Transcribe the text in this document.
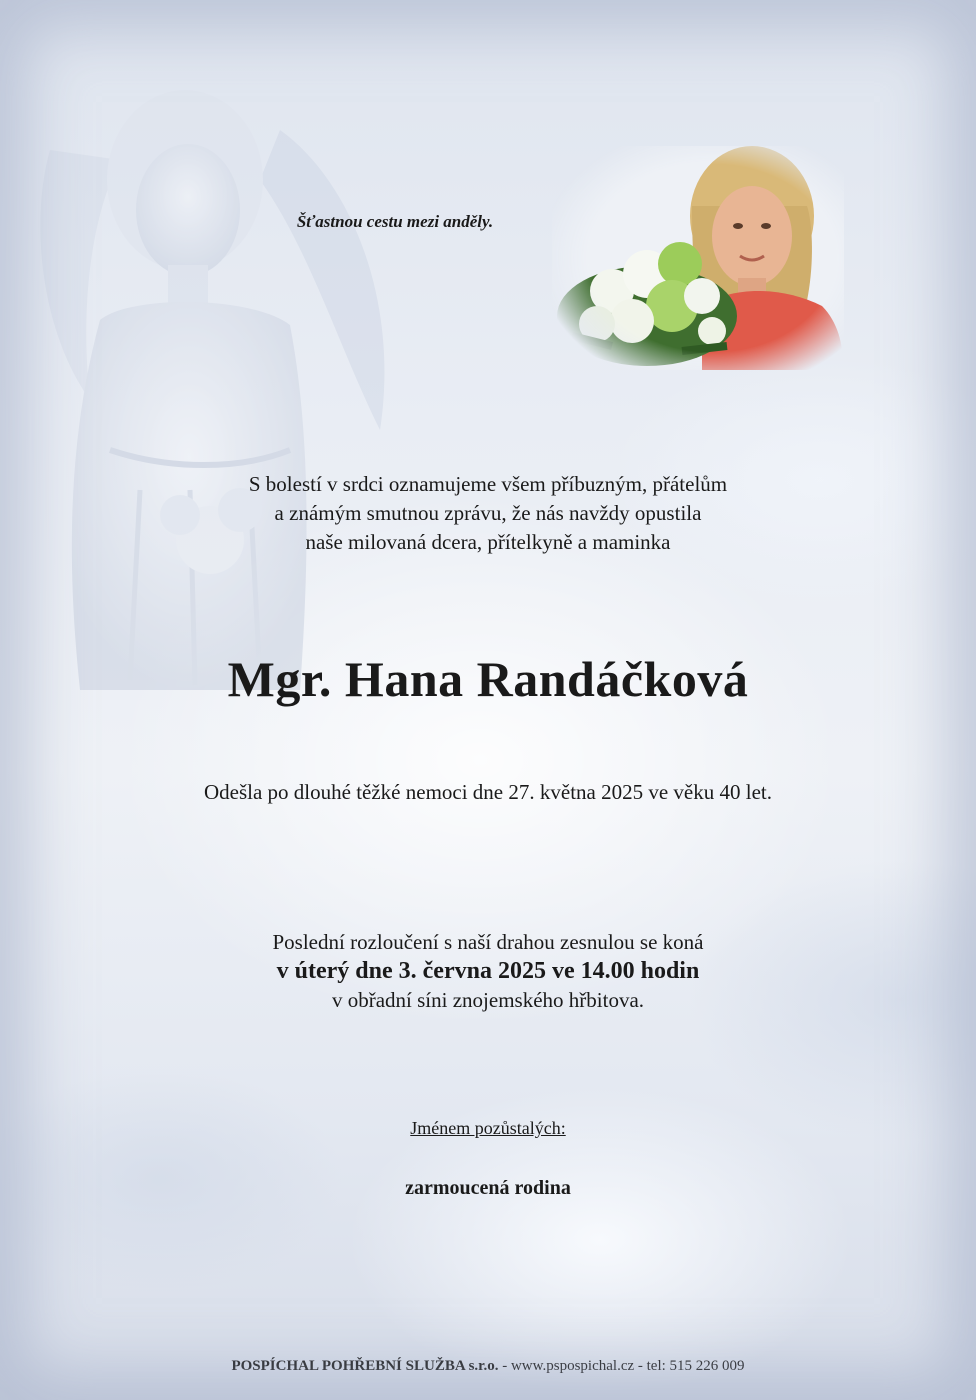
Šťastnou cestu mezi anděly.
S bolestí v srdci oznamujeme všem příbuzným, přátelům
a známým smutnou zprávu, že nás navždy opustila
naše milovaná dcera, přítelkyně a maminka
Mgr. Hana Randáčková
Odešla po dlouhé těžké nemoci dne 27. května 2025 ve věku 40 let.
Poslední rozloučení s naší drahou zesnulou se koná
v úterý dne 3. června 2025 ve 14.00 hodin
v obřadní síni znojemského hřbitova.
Jménem pozůstalých:
zarmoucená rodina
POSPÍCHAL POHŘEBNÍ SLUŽBA s.r.o. - www.pspospichal.cz - tel: 515 226 009
